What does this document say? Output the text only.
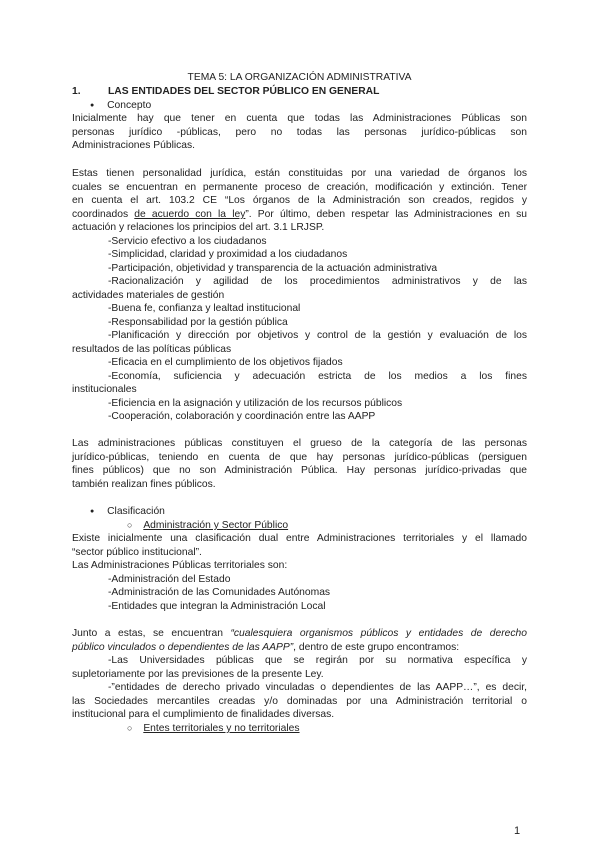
TEMA 5: LA ORGANIZACIÓN ADMINISTRATIVA
1.	LAS ENTIDADES DEL SECTOR PÚBLICO EN GENERAL
● Concepto
Inicialmente hay que tener en cuenta que todas las Administraciones Públicas son
personas jurídico -públicas, pero no todas las personas jurídico-públicas son
Administraciones Públicas.
Estas tienen personalidad jurídica, están constituidas por una variedad de órganos los
cuales se encuentran en permanente proceso de creación, modificación y extinción. Tener
en cuenta el art. 103.2 CE “Los órganos de la Administración son creados, regidos y
coordinados de acuerdo con la ley”. Por último, deben respetar las Administraciones en su
actuación y relaciones los principios del art. 3.1 LRJSP.
-Servicio efectivo a los ciudadanos
-Simplicidad, claridad y proximidad a los ciudadanos
-Participación, objetividad y transparencia de la actuación administrativa
-Racionalización y agilidad de los procedimientos administrativos y de las
actividades materiales de gestión
-Buena fe, confianza y lealtad institucional
-Responsabilidad por la gestión pública
-Planificación y dirección por objetivos y control de la gestión y evaluación de los
resultados de las políticas públicas
-Eficacia en el cumplimiento de los objetivos fijados
-Economía, suficiencia y adecuación estricta de los medios a los fines
institucionales
-Eficiencia en la asignación y utilización de los recursos públicos
-Cooperación, colaboración y coordinación entre las AAPP
Las administraciones públicas constituyen el grueso de la categoría de las personas
jurídico-públicas, teniendo en cuenta de que hay personas jurídico-públicas (persiguen
fines públicos) que no son Administración Pública. Hay personas jurídico-privadas que
también realizan fines públicos.
● Clasificación
○ Administración y Sector Público
Existe inicialmente una clasificación dual entre Administraciones territoriales y el llamado
“sector público institucional”.
Las Administraciones Públicas territoriales son:
-Administración del Estado
-Administración de las Comunidades Autónomas
-Entidades que integran la Administración Local
Junto a estas, se encuentran “cualesquiera organismos públicos y entidades de derecho
público vinculados o dependientes de las AAPP”, dentro de este grupo encontramos:
-Las Universidades públicas que se regirán por su normativa específica y
supletoriamente por las previsiones de la presente Ley.
-”entidades de derecho privado vinculadas o dependientes de las AAPP…”, es decir,
las Sociedades mercantiles creadas y/o dominadas por una Administración territorial o
institucional para el cumplimiento de finalidades diversas.
○ Entes territoriales y no territoriales
1
